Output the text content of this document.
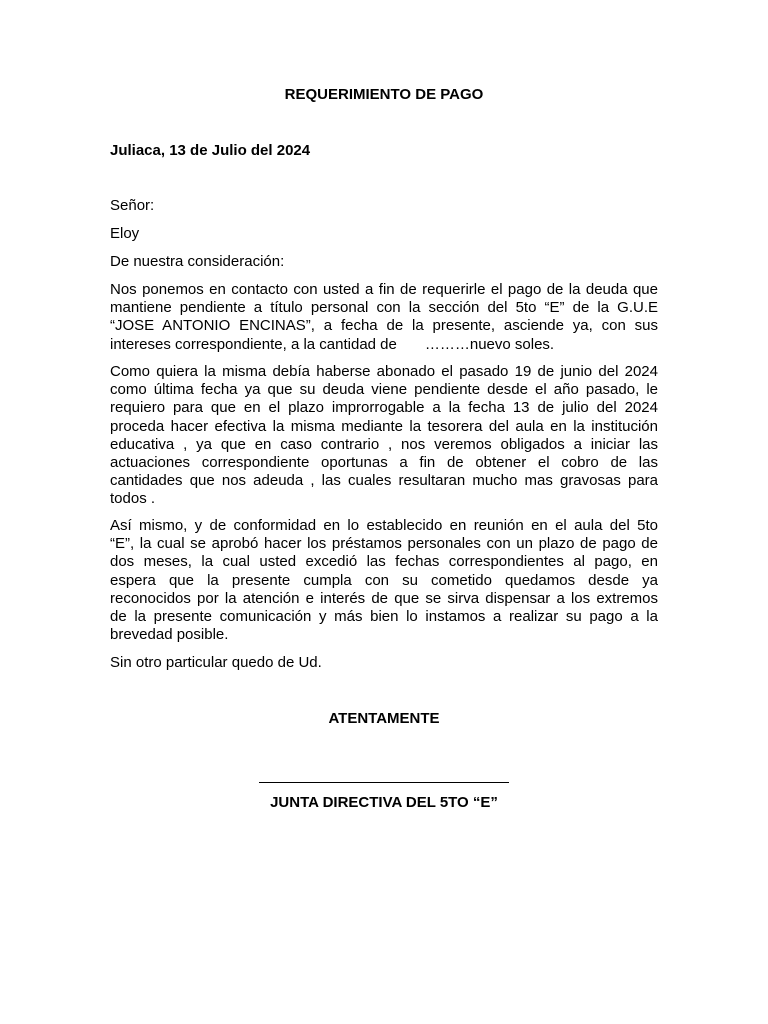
REQUERIMIENTO DE PAGO
Juliaca, 13 de Julio del 2024
Señor:
Eloy
De nuestra consideración:
Nos ponemos en contacto con usted a fin de requerirle el pago de la deuda que
mantiene pendiente a título personal con la sección del 5to “E” de la G.U.E
“JOSE ANTONIO ENCINAS”, a fecha de la presente, asciende ya, con sus
intereses correspondiente, a la cantidad de ………nuevo soles.
Como quiera la misma debía haberse abonado el pasado 19 de junio del 2024
como última fecha ya que su deuda viene pendiente desde el año pasado, le
requiero para que en el plazo improrrogable a la fecha 13 de julio del 2024
proceda hacer efectiva la misma mediante la tesorera del aula en la institución
educativa , ya que en caso contrario , nos veremos obligados a iniciar las
actuaciones correspondiente oportunas a fin de obtener el cobro de las
cantidades que nos adeuda , las cuales resultaran mucho mas gravosas para
todos .
Así mismo, y de conformidad en lo establecido en reunión en el aula del 5to
“E”, la cual se aprobó hacer los préstamos personales con un plazo de pago de
dos meses, la cual usted excedió las fechas correspondientes al pago, en
espera que la presente cumpla con su cometido quedamos desde ya
reconocidos por la atención e interés de que se sirva dispensar a los extremos
de la presente comunicación y más bien lo instamos a realizar su pago a la
brevedad posible.
Sin otro particular quedo de Ud.
ATENTAMENTE
JUNTA DIRECTIVA DEL 5TO “E”
